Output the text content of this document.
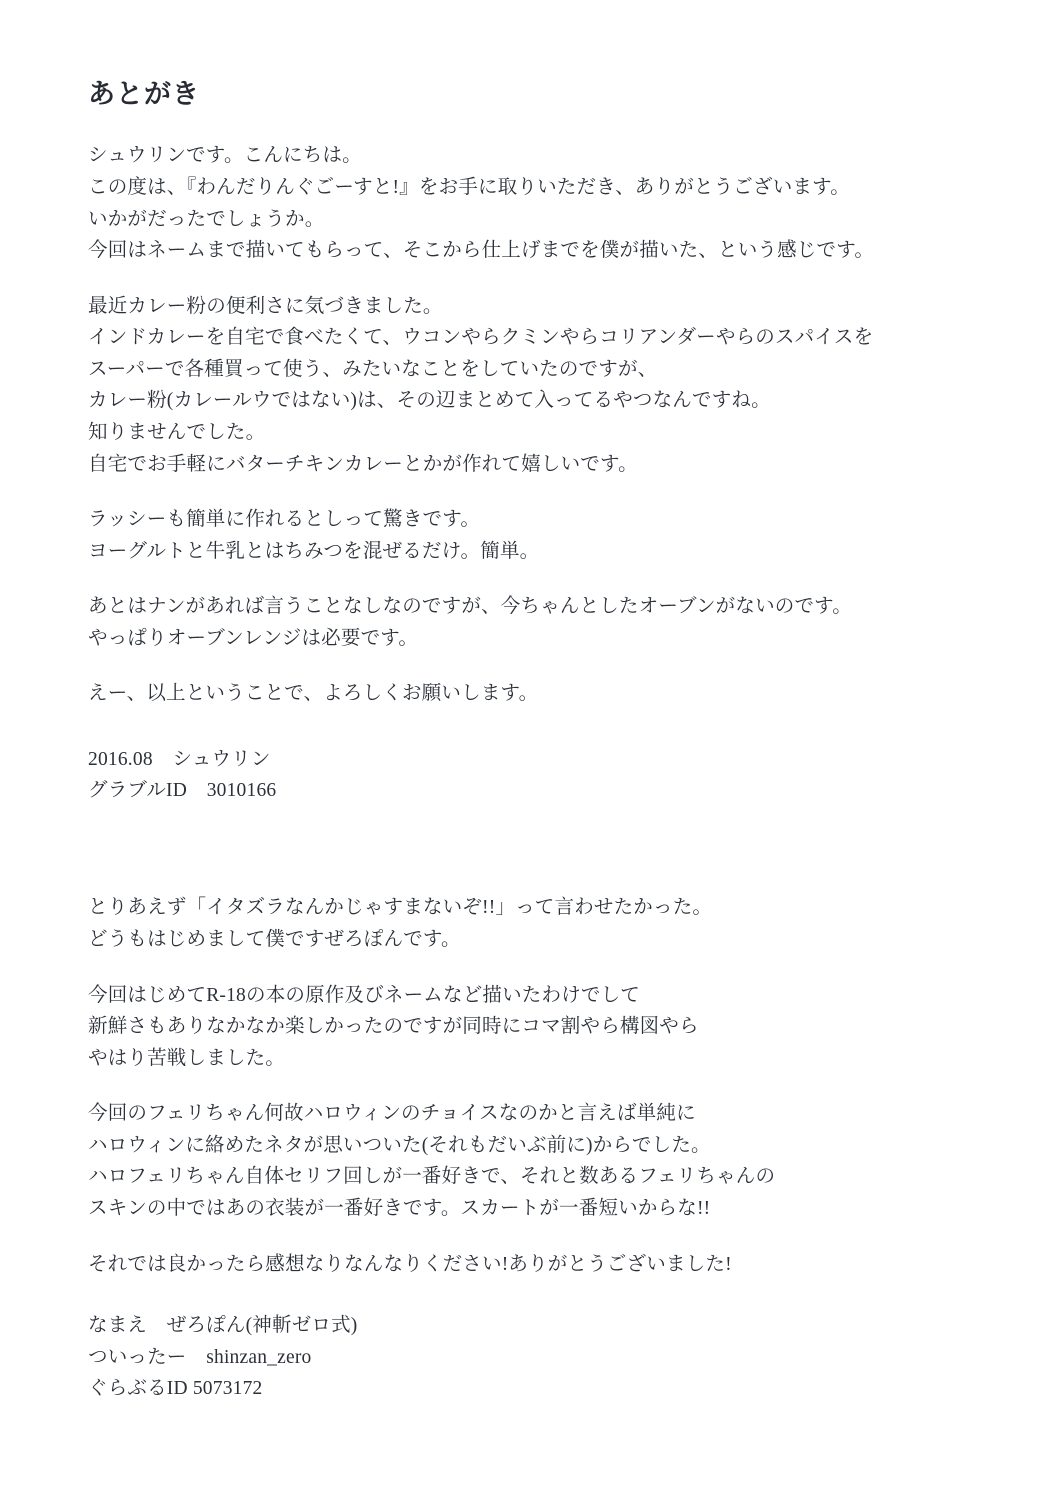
あとがき
シュウリンです。こんにちは。
この度は、『わんだりんぐごーすと!』をお手に取りいただき、ありがとうございます。
いかがだったでしょうか。
今回はネームまで描いてもらって、そこから仕上げまでを僕が描いた、という感じです。
最近カレー粉の便利さに気づきました。
インドカレーを自宅で食べたくて、ウコンやらクミンやらコリアンダーやらのスパイスを
スーパーで各種買って使う、みたいなことをしていたのですが、
カレー粉(カレールウではない)は、その辺まとめて入ってるやつなんですね。
知りませんでした。
自宅でお手軽にバターチキンカレーとかが作れて嬉しいです。
ラッシーも簡単に作れるとしって驚きです。
ヨーグルトと牛乳とはちみつを混ぜるだけ。簡単。
あとはナンがあれば言うことなしなのですが、今ちゃんとしたオーブンがないのです。
やっぱりオーブンレンジは必要です。
えー、以上ということで、よろしくお願いします。
2016.08　シュウリン
グラブルID　3010166
とりあえず「イタズラなんかじゃすまないぞ!!」って言わせたかった。
どうもはじめまして僕ですぜろぽんです。
今回はじめてR-18の本の原作及びネームなど描いたわけでして
新鮮さもありなかなか楽しかったのですが同時にコマ割やら構図やら
やはり苦戦しました。
今回のフェリちゃん何故ハロウィンのチョイスなのかと言えば単純に
ハロウィンに絡めたネタが思いついた(それもだいぶ前に)からでした。
ハロフェリちゃん自体セリフ回しが一番好きで、それと数あるフェリちゃんの
スキンの中ではあの衣装が一番好きです。スカートが一番短いからな!!
それでは良かったら感想なりなんなりください!ありがとうございました!
なまえ　ぜろぽん(神斬ゼロ式)
ついったー　shinzan_zero
ぐらぶるID 5073172
